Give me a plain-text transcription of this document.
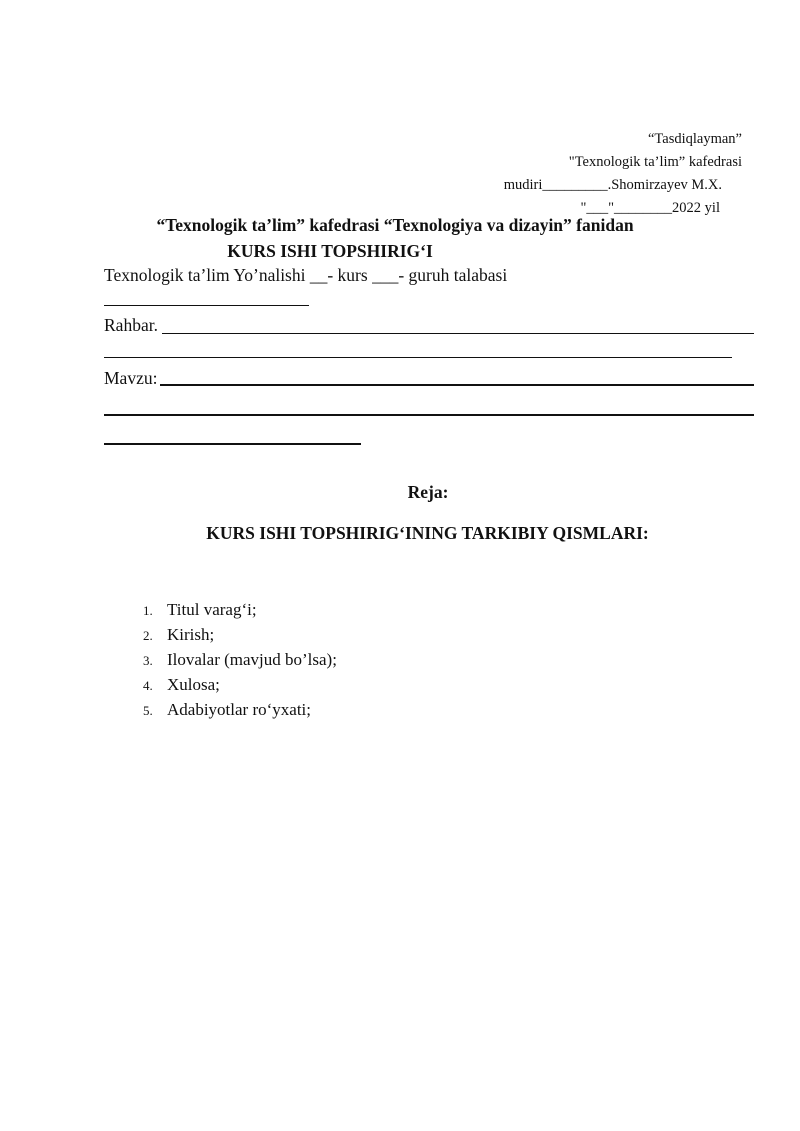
“Tasdiqlayman”
"Texnologik ta’lim” kafedrasi
mudiri_________.Shomirzayev M.X.
"___"________2022 yil
“Texnologik ta’lim” kafedrasi “Texnologiya va dizayin” fanidan
KURS ISHI TOPSHIRIG‘I
Texnologik ta’lim Yo’nalishi __- kurs ___- guruh talabasi
Rahbar.
Mavzu:
Reja:
KURS ISHI TOPSHIRIG‘INING TARKIBIY QISMLARI:
1. Titul varag‘i;
2. Kirish;
3. Ilovalar (mavjud bo’lsa);
4. Xulosa;
5. Adabiyotlar ro‘yxati;
